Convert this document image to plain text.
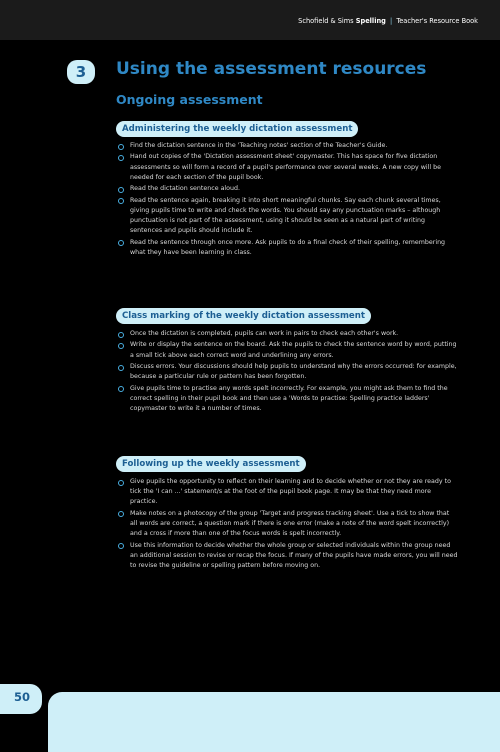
Schofield & Sims Spelling | Teacher's Resource Book
3	Using the assessment resources
Ongoing assessment
Administering the weekly dictation assessment
Find the dictation sentence in the 'Teaching notes' section of the Teacher's Guide.
Hand out copies of the 'Dictation assessment sheet' copymaster. This has space for five dictation assessments so will form a record of a pupil's performance over several weeks. A new copy will be needed for each section of the pupil book.
Read the dictation sentence aloud.
Read the sentence again, breaking it into short meaningful chunks. Say each chunk several times, giving pupils time to write and check the words. You should say any punctuation marks – although punctuation is not part of the assessment, using it should be seen as a natural part of writing sentences and pupils should include it.
Read the sentence through once more. Ask pupils to do a final check of their spelling, remembering what they have been learning in class.
Class marking of the weekly dictation assessment
Once the dictation is completed, pupils can work in pairs to check each other's work.
Write or display the sentence on the board. Ask the pupils to check the sentence word by word, putting a small tick above each correct word and underlining any errors.
Discuss errors. Your discussions should help pupils to understand why the errors occurred: for example, because a particular rule or pattern has been forgotten.
Give pupils time to practise any words spelt incorrectly. For example, you might ask them to find the correct spelling in their pupil book and then use a 'Words to practise: Spelling practice ladders' copymaster to write it a number of times.
Following up the weekly assessment
Give pupils the opportunity to reflect on their learning and to decide whether or not they are ready to tick the 'I can ...' statement/s at the foot of the pupil book page. It may be that they need more practice.
Make notes on a photocopy of the group 'Target and progress tracking sheet'. Use a tick to show that all words are correct, a question mark if there is one error (make a note of the word spelt incorrectly) and a cross if more than one of the focus words is spelt incorrectly.
Use this information to decide whether the whole group or selected individuals within the group need an additional session to revise or recap the focus. If many of the pupils have made errors, you will need to revise the guideline or spelling pattern before moving on.
50
